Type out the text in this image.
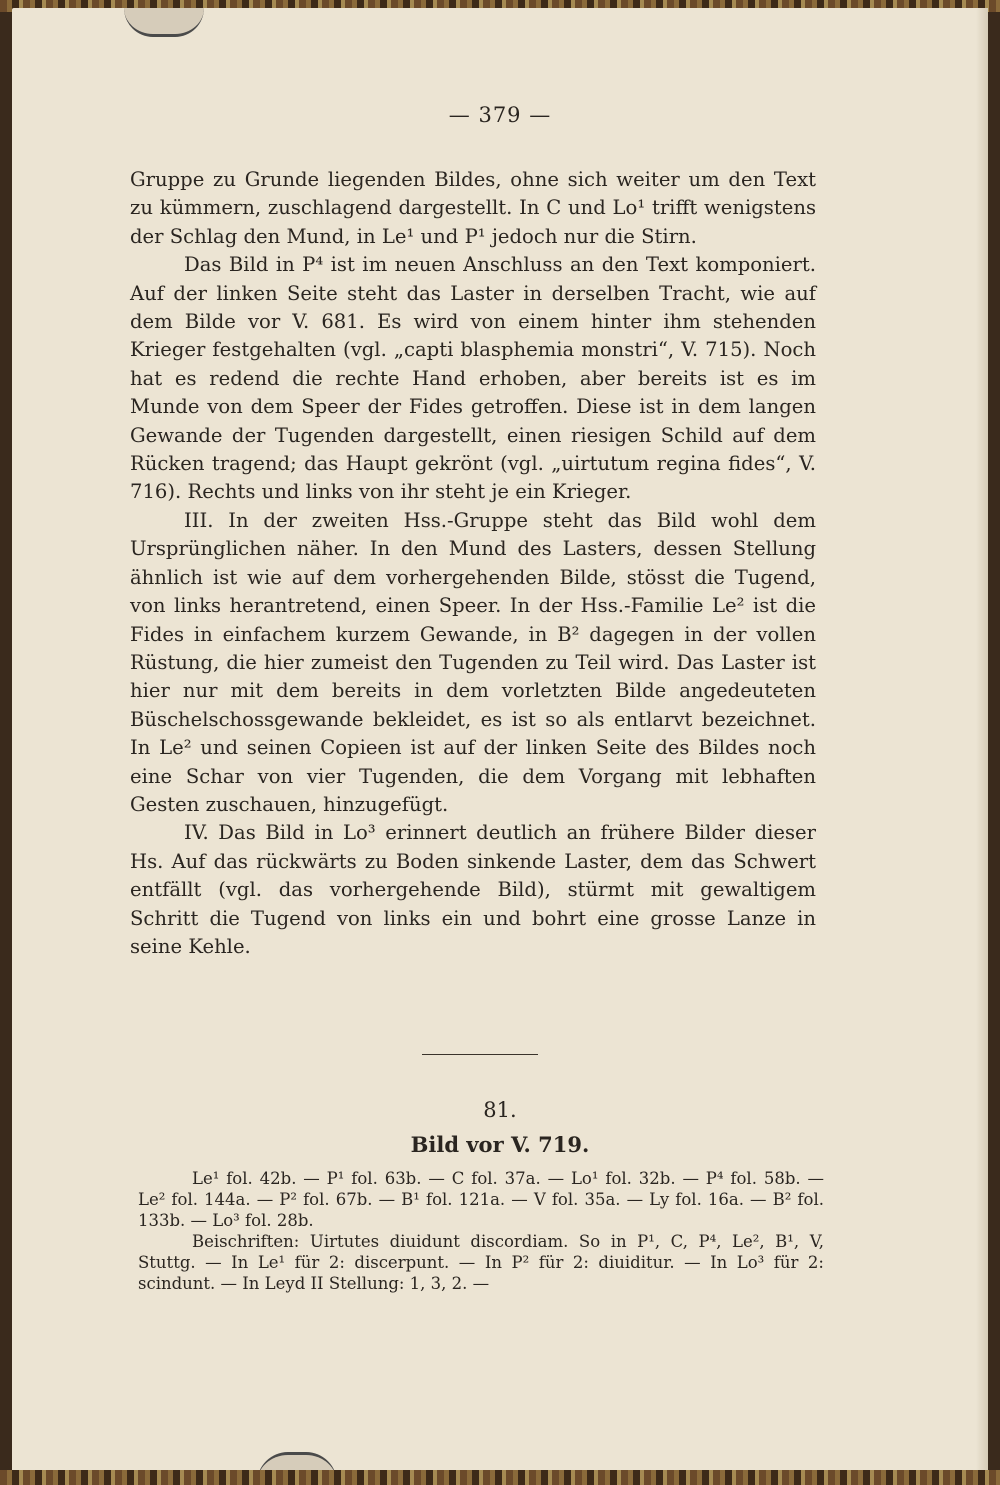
— 379 —

Gruppe zu Grunde liegenden Bildes, ohne sich weiter um den Text zu kümmern, zuschlagend dargestellt. In C und Lo¹ trifft wenigstens der Schlag den Mund, in Le¹ und P¹ jedoch nur die Stirn.

Das Bild in P⁴ ist im neuen Anschluss an den Text komponiert. Auf der linken Seite steht das Laster in derselben Tracht, wie auf dem Bilde vor V. 681. Es wird von einem hinter ihm stehenden Krieger festgehalten (vgl. „capti blasphemia monstri“, V. 715). Noch hat es redend die rechte Hand erhoben, aber bereits ist es im Munde von dem Speer der Fides getroffen. Diese ist in dem langen Gewande der Tugenden dargestellt, einen riesigen Schild auf dem Rücken tragend; das Haupt gekrönt (vgl. „uirtutum regina fides“, V. 716). Rechts und links von ihr steht je ein Krieger.

III. In der zweiten Hss.-Gruppe steht das Bild wohl dem Ursprünglichen näher. In den Mund des Lasters, dessen Stellung ähnlich ist wie auf dem vorhergehenden Bilde, stösst die Tugend, von links herantretend, einen Speer. In der Hss.-Familie Le² ist die Fides in einfachem kurzem Gewande, in B² dagegen in der vollen Rüstung, die hier zumeist den Tugenden zu Teil wird. Das Laster ist hier nur mit dem bereits in dem vorletzten Bilde angedeuteten Büschelschossgewande bekleidet, es ist so als entlarvt bezeichnet. In Le² und seinen Copieen ist auf der linken Seite des Bildes noch eine Schar von vier Tugenden, die dem Vorgang mit lebhaften Gesten zuschauen, hinzugefügt.

IV. Das Bild in Lo³ erinnert deutlich an frühere Bilder dieser Hs. Auf das rückwärts zu Boden sinkende Laster, dem das Schwert entfällt (vgl. das vorhergehende Bild), stürmt mit gewaltigem Schritt die Tugend von links ein und bohrt eine grosse Lanze in seine Kehle.

81.
Bild vor V. 719.

Le¹ fol. 42b. — P¹ fol. 63b. — C fol. 37a. — Lo¹ fol. 32b. — P⁴ fol. 58b. — Le² fol. 144a. — P² fol. 67b. — B¹ fol. 121a. — V fol. 35a. — Ly fol. 16a. — B² fol. 133b. — Lo³ fol. 28b.

Beischriften: Uirtutes diuidunt discordiam. So in P¹, C, P⁴, Le², B¹, V, Stuttg. — In Le¹ für 2: discerpunt. — In P² für 2: diuiditur. — In Lo³ für 2: scindunt. — In Leyd II Stellung: 1, 3, 2. —
